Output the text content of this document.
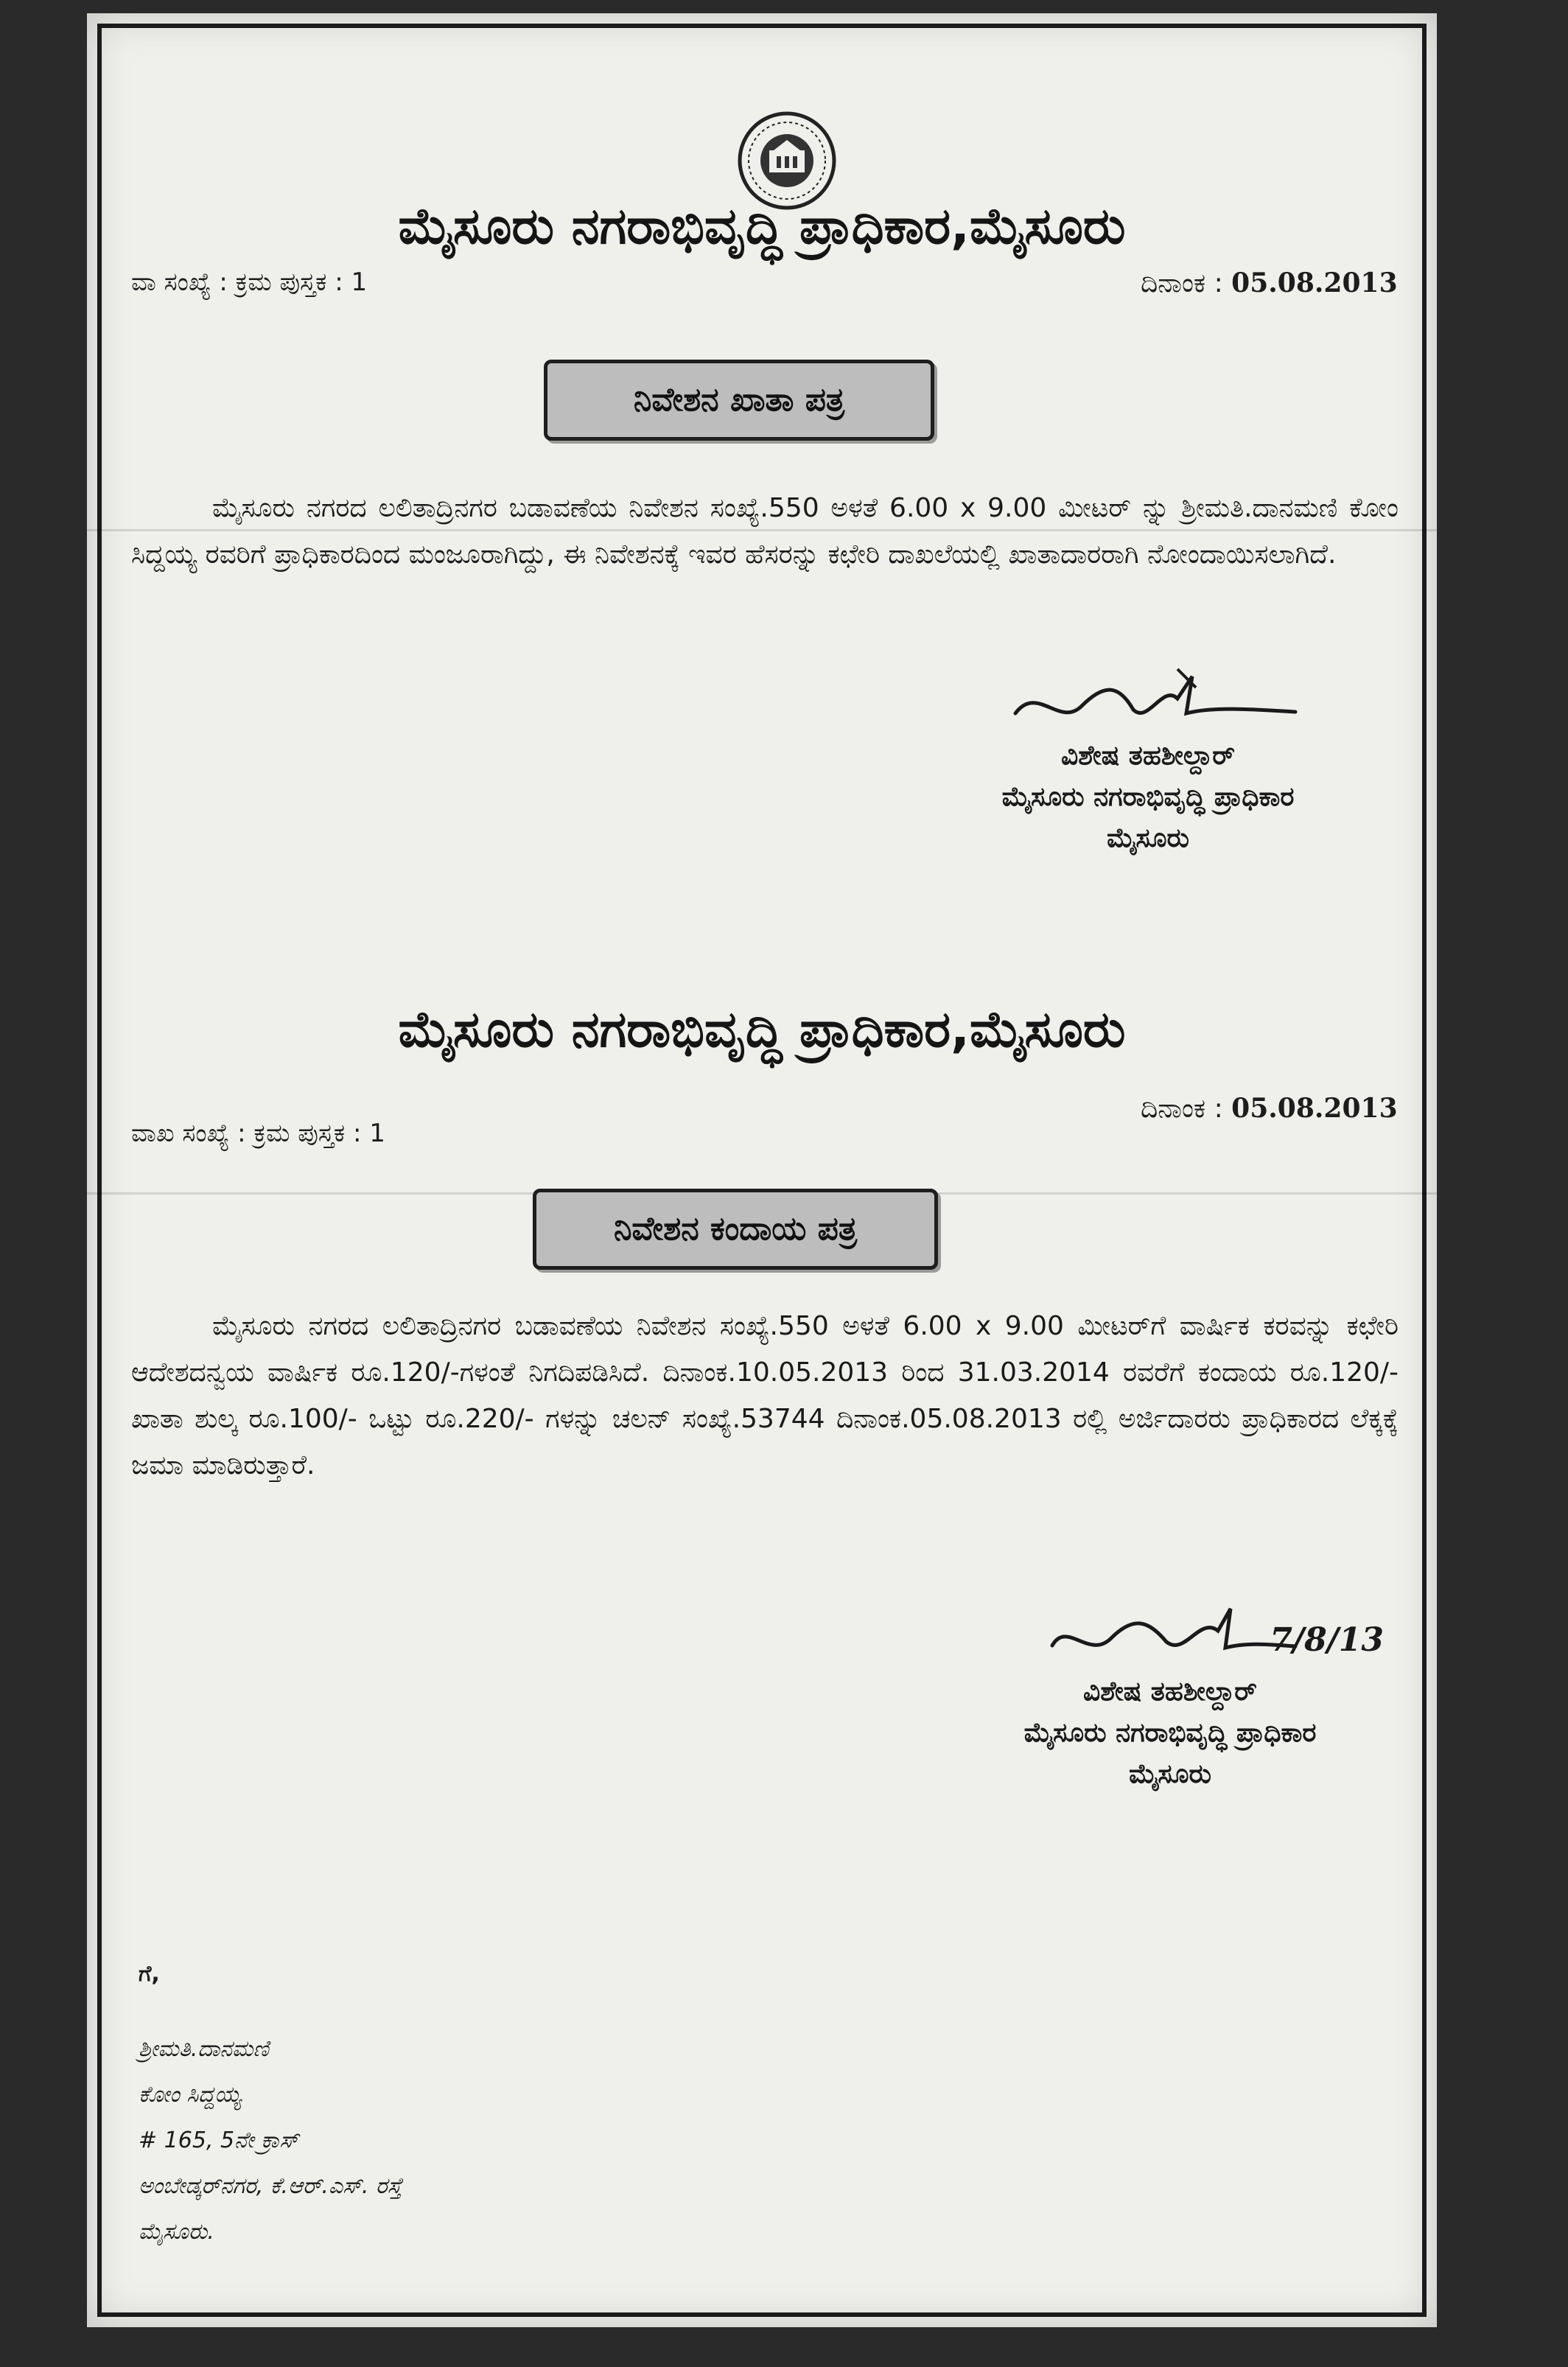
ಮೈಸೂರು ನಗರಾಭಿವೃದ್ಧಿ ಪ್ರಾಧಿಕಾರ,ಮೈಸೂರು
ವಾ ಸಂಖ್ಯೆ : ಕ್ರಮ ಪುಸ್ತಕ : 1	ದಿನಾಂಕ : 05.08.2013
ನಿವೇಶನ ಖಾತಾ ಪತ್ರ
ಮೈಸೂರು ನಗರದ ಲಲಿತಾದ್ರಿನಗರ ಬಡಾವಣೆಯ ನಿವೇಶನ ಸಂಖ್ಯೆ.550 ಅಳತೆ 6.00 x 9.00 ಮೀಟರ್ ನ್ನು ಶ್ರೀಮತಿ.ದಾನಮಣಿ ಕೋಂ ಸಿದ್ದಯ್ಯ ರವರಿಗೆ ಪ್ರಾಧಿಕಾರದಿಂದ ಮಂಜೂರಾಗಿದ್ದು, ಈ ನಿವೇಶನಕ್ಕೆ ಇವರ ಹೆಸರನ್ನು ಕಛೇರಿ ದಾಖಲೆಯಲ್ಲಿ ಖಾತಾದಾರರಾಗಿ ನೋಂದಾಯಿಸಲಾಗಿದೆ.
ವಿಶೇಷ ತಹಶೀಲ್ದಾರ್
ಮೈಸೂರು ನಗರಾಭಿವೃದ್ಧಿ ಪ್ರಾಧಿಕಾರ
ಮೈಸೂರು
ಮೈಸೂರು ನಗರಾಭಿವೃದ್ಧಿ ಪ್ರಾಧಿಕಾರ,ಮೈಸೂರು
ದಿನಾಂಕ : 05.08.2013
ವಾಖ ಸಂಖ್ಯೆ : ಕ್ರಮ ಪುಸ್ತಕ : 1
ನಿವೇಶನ ಕಂದಾಯ ಪತ್ರ
ಮೈಸೂರು ನಗರದ ಲಲಿತಾದ್ರಿನಗರ ಬಡಾವಣೆಯ ನಿವೇಶನ ಸಂಖ್ಯೆ.550 ಅಳತೆ 6.00 x 9.00 ಮೀಟರ್‌ಗೆ ವಾರ್ಷಿಕ ಕರವನ್ನು ಕಛೇರಿ ಆದೇಶದನ್ವಯ ವಾರ್ಷಿಕ ರೂ.120/-ಗಳಂತೆ ನಿಗದಿಪಡಿಸಿದೆ. ದಿನಾಂಕ.10.05.2013 ರಿಂದ 31.03.2014 ರವರೆಗೆ ಕಂದಾಯ ರೂ.120/- ಖಾತಾ ಶುಲ್ಕ ರೂ.100/- ಒಟ್ಟು ರೂ.220/- ಗಳನ್ನು ಚಲನ್ ಸಂಖ್ಯೆ.53744 ದಿನಾಂಕ.05.08.2013 ರಲ್ಲಿ ಅರ್ಜಿದಾರರು ಪ್ರಾಧಿಕಾರದ ಲೆಕ್ಕಕ್ಕೆ ಜಮಾ ಮಾಡಿರುತ್ತಾರೆ.
7/8/13
ವಿಶೇಷ ತಹಶೀಲ್ದಾರ್
ಮೈಸೂರು ನಗರಾಭಿವೃದ್ಧಿ ಪ್ರಾಧಿಕಾರ
ಮೈಸೂರು
ಗೆ,
ಶ್ರೀಮತಿ.ದಾನಮಣಿ
ಕೋಂ ಸಿದ್ದಯ್ಯ
# 165, 5ನೇ ಕ್ರಾಸ್
ಅಂಬೇಡ್ಕರ್‌ನಗರ, ಕೆ.ಆರ್.ಎಸ್. ರಸ್ತೆ
ಮೈಸೂರು.
